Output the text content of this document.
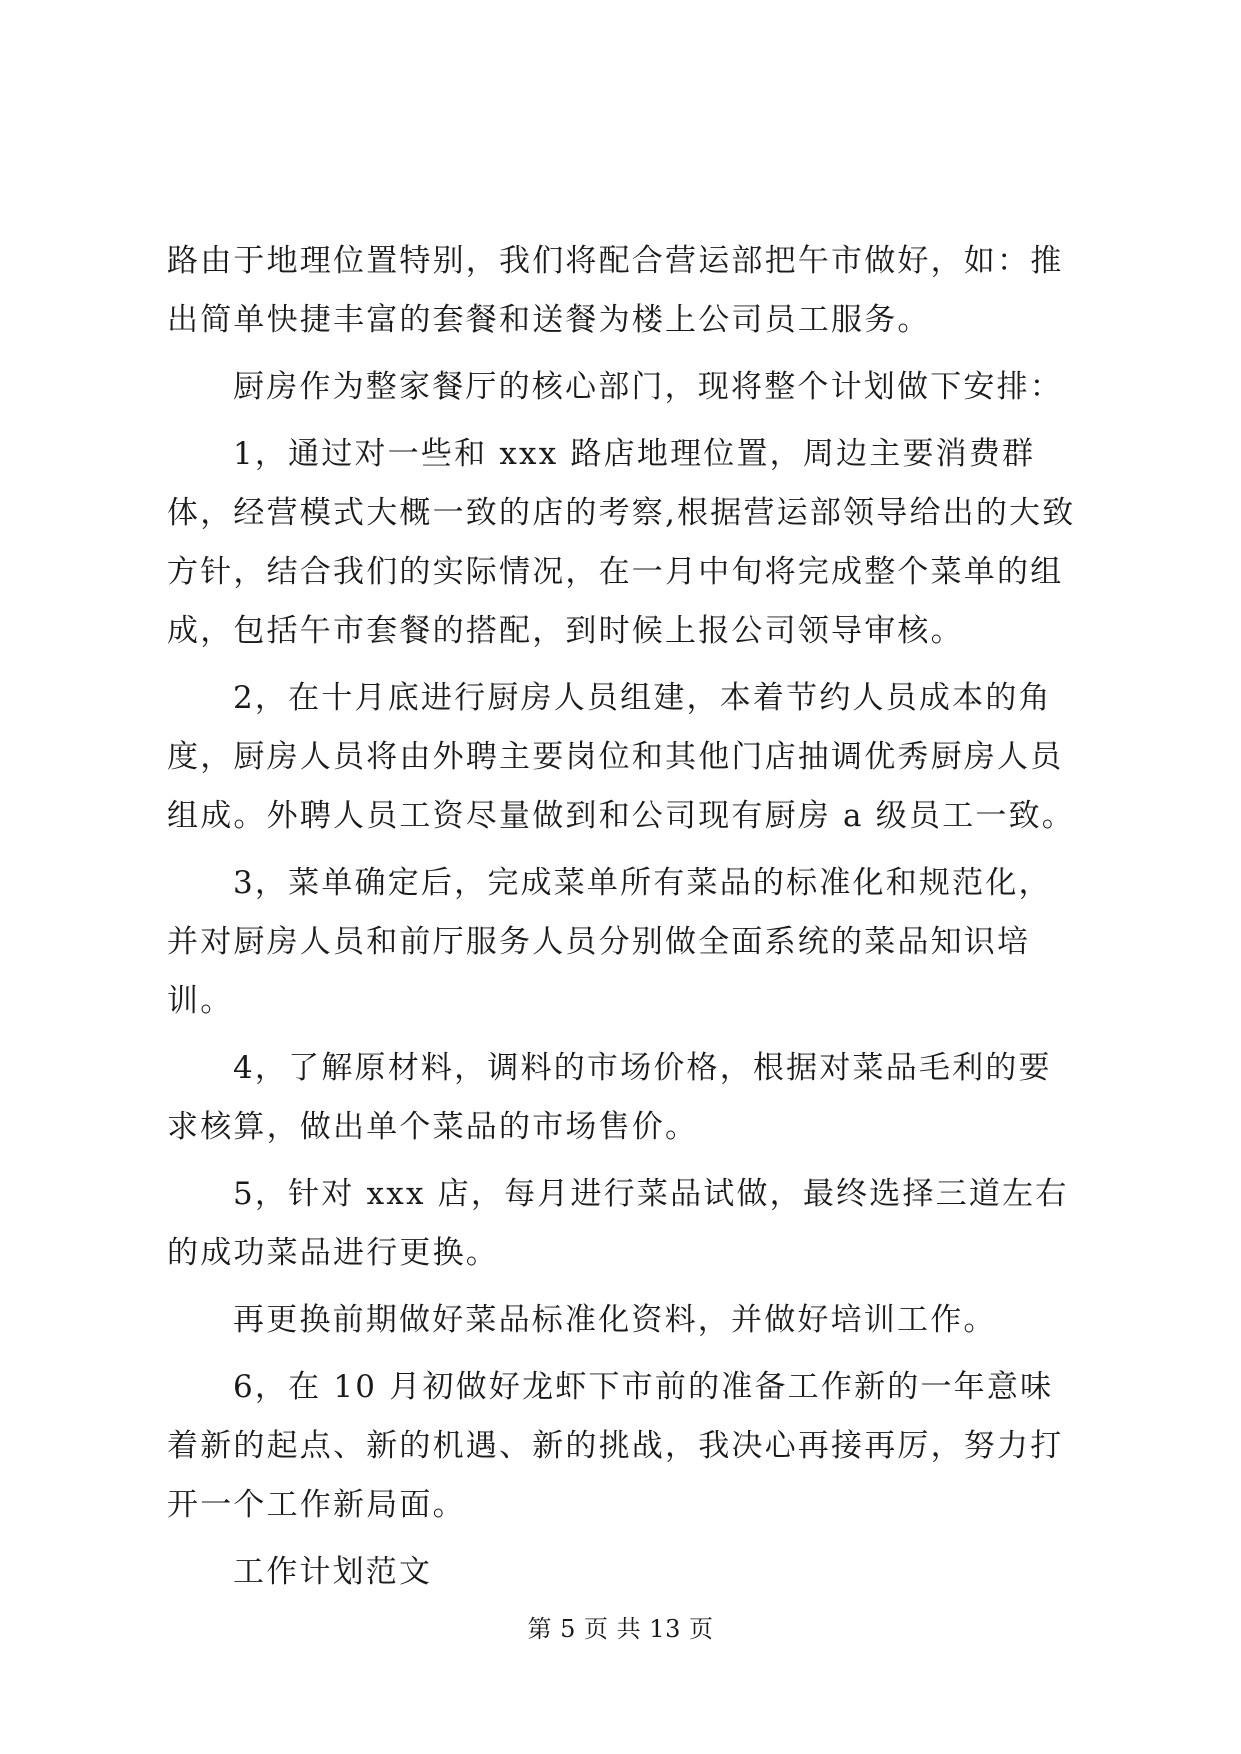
路由于地理位置特别，我们将配合营运部把午市做好，如：推出简单快捷丰富的套餐和送餐为楼上公司员工服务。

厨房作为整家餐厅的核心部门，现将整个计划做下安排：

1，通过对一些和 xxx 路店地理位置，周边主要消费群体，经营模式大概一致的店的考察,根据营运部领导给出的大致方针，结合我们的实际情况，在一月中旬将完成整个菜单的组成，包括午市套餐的搭配，到时候上报公司领导审核。

2，在十月底进行厨房人员组建，本着节约人员成本的角度，厨房人员将由外聘主要岗位和其他门店抽调优秀厨房人员组成。外聘人员工资尽量做到和公司现有厨房 a 级员工一致。

3，菜单确定后，完成菜单所有菜品的标准化和规范化，并对厨房人员和前厅服务人员分别做全面系统的菜品知识培训。

4，了解原材料，调料的市场价格，根据对菜品毛利的要求核算，做出单个菜品的市场售价。

5，针对 xxx 店，每月进行菜品试做，最终选择三道左右的成功菜品进行更换。

再更换前期做好菜品标准化资料，并做好培训工作。

6，在 10 月初做好龙虾下市前的准备工作新的一年意味着新的起点、新的机遇、新的挑战，我决心再接再厉，努力打开一个工作新局面。

工作计划范文

第 5 页 共 13 页
